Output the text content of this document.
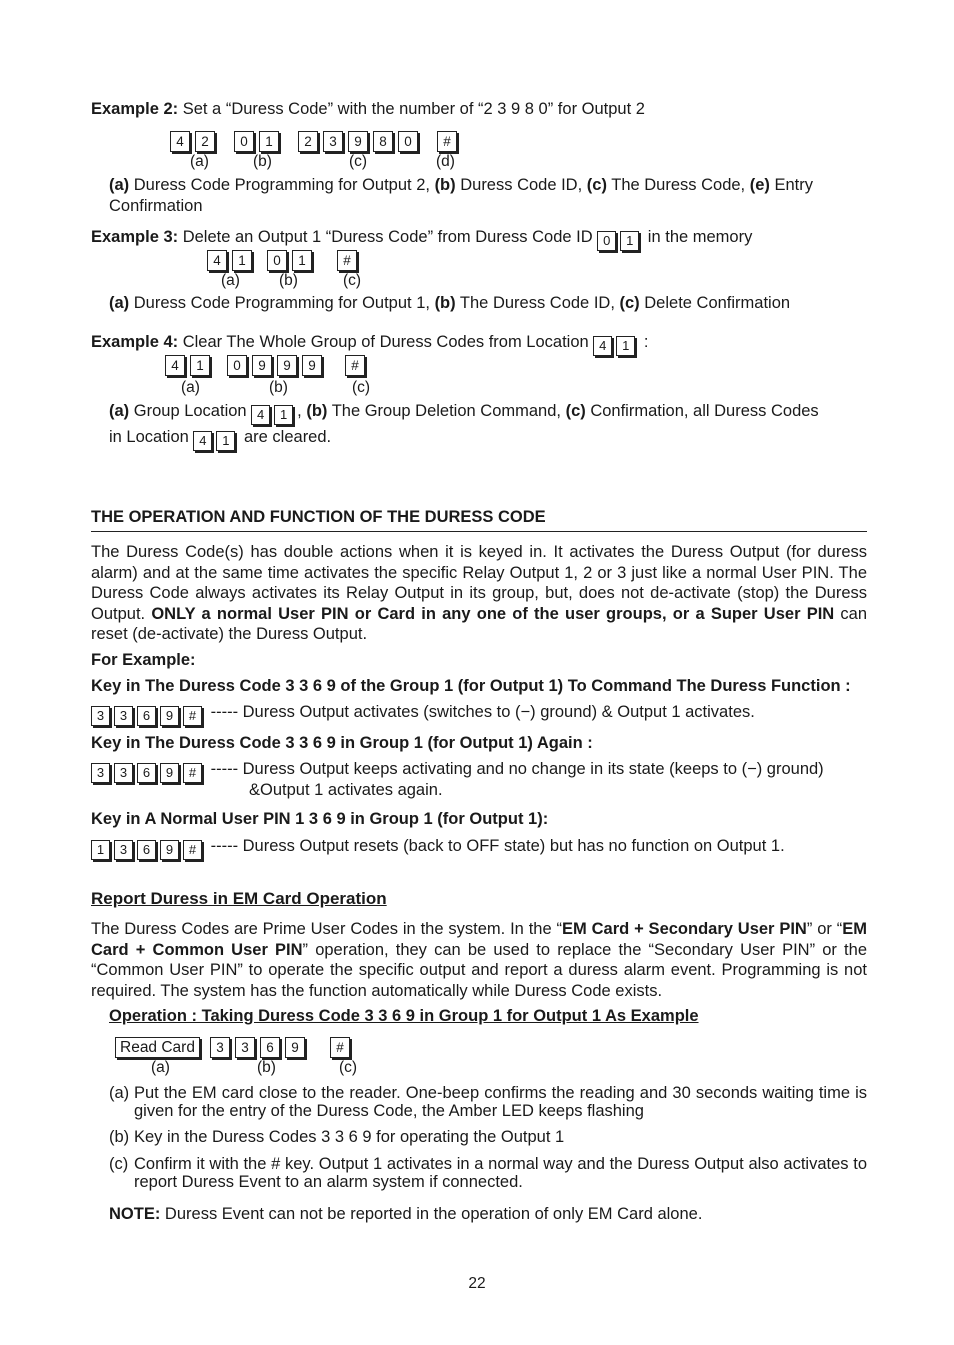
Example 2: Set a “Duress Code” with the number of “2 3 9 8 0” for Output 2
4	2	0	1	2	3	9	8	0	#
(a)	(b)	(c)	(d)
(a) Duress Code Programming for Output 2, (b) Duress Code ID, (c) The Duress Code, (e) Entry Confirmation
Example 3: Delete an Output 1 “Duress Code” from Duress Code ID 0 1 in the memory
4	1	0	1	#
(a)	(b)	(c)
(a) Duress Code Programming for Output 1, (b) The Duress Code ID, (c) Delete Confirmation
Example 4: Clear The Whole Group of Duress Codes from Location 4 1 :
4	1	0	9	9	9	#
(a)	(b)	(c)
(a) Group Location 4 1 , (b) The Group Deletion Command, (c) Confirmation, all Duress Codes
in Location 4 1 are cleared.
THE OPERATION AND FUNCTION OF THE DURESS CODE
The Duress Code(s) has double actions when it is keyed in. It activates the Duress Output (for duress alarm) and at the same time activates the specific Relay Output 1, 2 or 3 just like a normal User PIN. The Duress Code always activates its Relay Output in its group, but, does not de-activate (stop) the Duress Output. ONLY a normal User PIN or Card in any one of the user groups, or a Super User PIN can reset (de-activate) the Duress Output.
For Example:
Key in The Duress Code 3 3 6 9 of the Group 1 (for Output 1) To Command The Duress Function :
3 3 6 9 # ----- Duress Output activates (switches to (−) ground) & Output 1 activates.
Key in The Duress Code 3 3 6 9 in Group 1 (for Output 1) Again :
3 3 6 9 # ----- Duress Output keeps activating and no change in its state (keeps to (−) ground)
&Output 1 activates again.
Key in A Normal User PIN 1 3 6 9 in Group 1 (for Output 1):
1 3 6 9 # ----- Duress Output resets (back to OFF state) but has no function on Output 1.
Report Duress in EM Card Operation
The Duress Codes are Prime User Codes in the system. In the “EM Card + Secondary User PIN” or “EM Card + Common User PIN” operation, they can be used to replace the “Secondary User PIN” or the “Common User PIN” to operate the specific output and report a duress alarm event. Programming is not required. The system has the function automatically while Duress Code exists.
Operation : Taking Duress Code 3 3 6 9 in Group 1 for Output 1 As Example
Read Card	3	3	6	9	#
(a)	(b)	(c)
(a) Put the EM card close to the reader. One-beep confirms the reading and 30 seconds waiting time is given for the entry of the Duress Code, the Amber LED keeps flashing
(b) Key in the Duress Codes 3 3 6 9 for operating the Output 1
(c) Confirm it with the # key. Output 1 activates in a normal way and the Duress Output also activates to report Duress Event to an alarm system if connected.
NOTE: Duress Event can not be reported in the operation of only EM Card alone.
22
